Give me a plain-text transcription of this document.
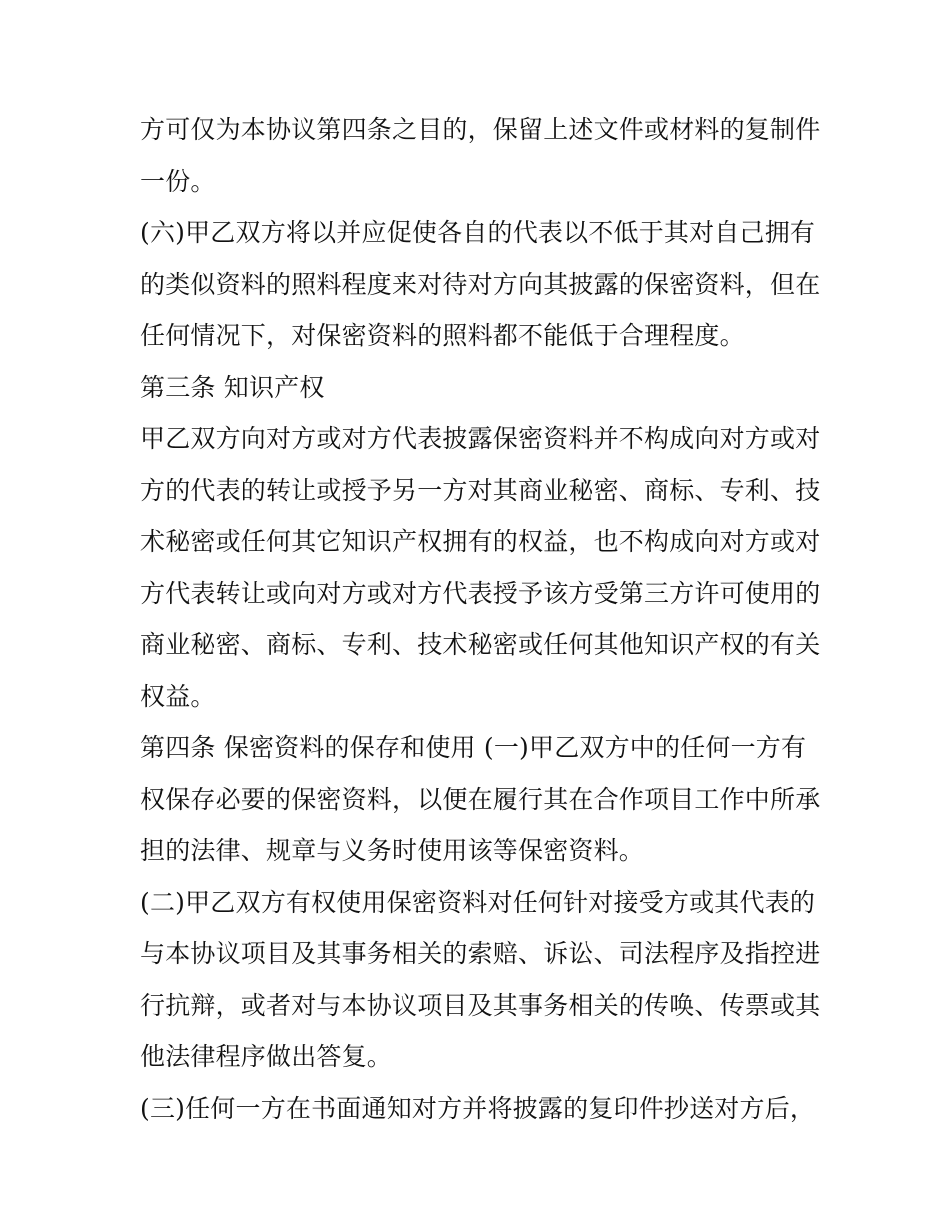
方可仅为本协议第四条之目的，保留上述文件或材料的复制件
一份。
(六)甲乙双方将以并应促使各自的代表以不低于其对自己拥有
的类似资料的照料程度来对待对方向其披露的保密资料，但在
任何情况下，对保密资料的照料都不能低于合理程度。
第三条 知识产权
甲乙双方向对方或对方代表披露保密资料并不构成向对方或对
方的代表的转让或授予另一方对其商业秘密、商标、专利、技
术秘密或任何其它知识产权拥有的权益，也不构成向对方或对
方代表转让或向对方或对方代表授予该方受第三方许可使用的
商业秘密、商标、专利、技术秘密或任何其他知识产权的有关
权益。
第四条 保密资料的保存和使用 (一)甲乙双方中的任何一方有
权保存必要的保密资料，以便在履行其在合作项目工作中所承
担的法律、规章与义务时使用该等保密资料。
(二)甲乙双方有权使用保密资料对任何针对接受方或其代表的
与本协议项目及其事务相关的索赔、诉讼、司法程序及指控进
行抗辩，或者对与本协议项目及其事务相关的传唤、传票或其
他法律程序做出答复。
(三)任何一方在书面通知对方并将披露的复印件抄送对方后，
